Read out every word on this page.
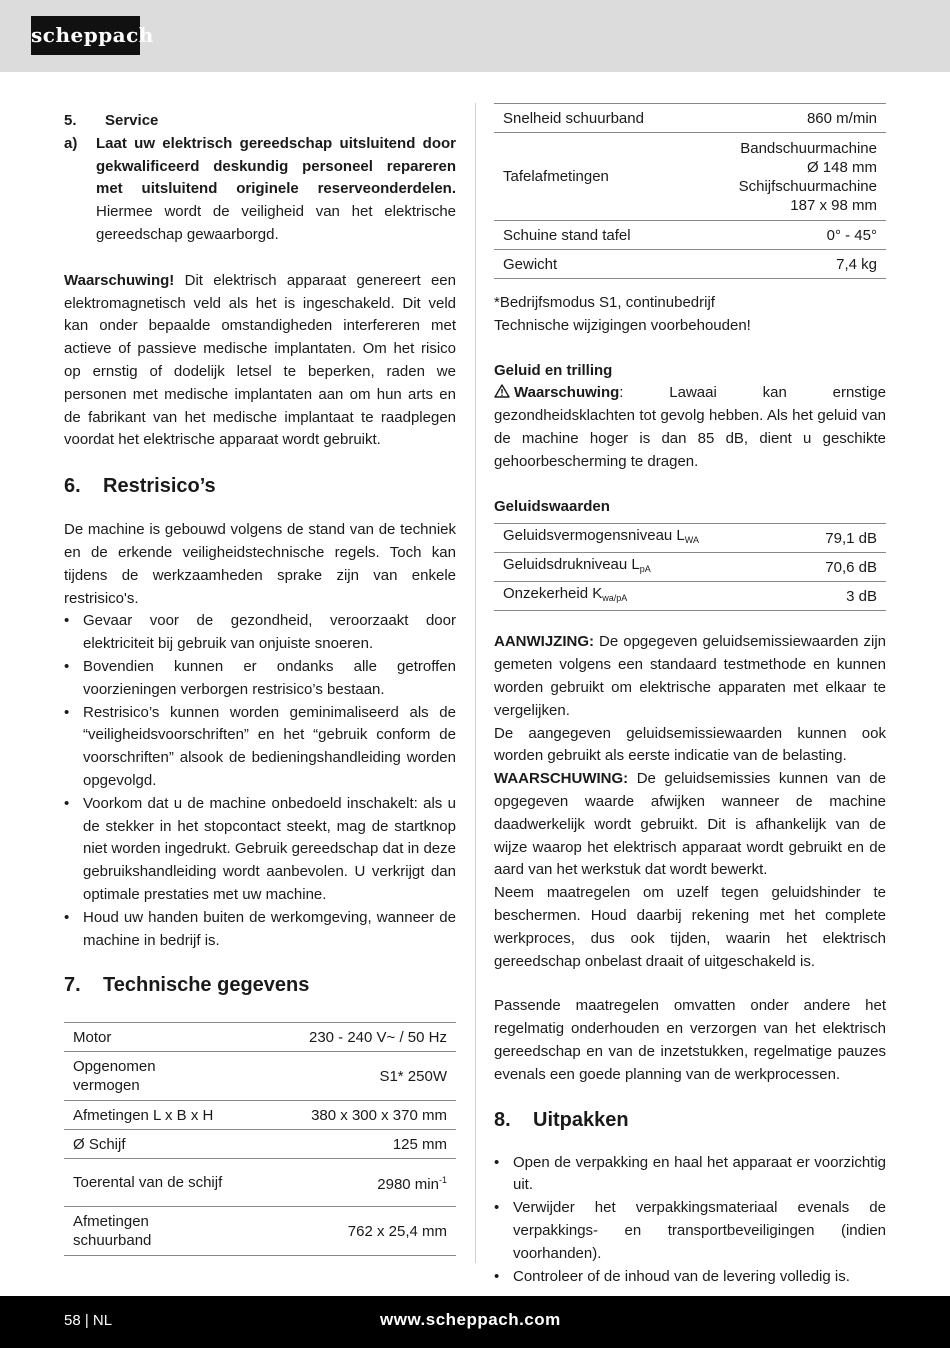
scheppach
5.	Service
a)	Laat uw elektrisch gereedschap uitsluitend door gekwalificeerd deskundig personeel repareren met uitsluitend originele reserveonderdelen. Hiermee wordt de veiligheid van het elektrische gereedschap gewaarborgd.

Waarschuwing! Dit elektrisch apparaat genereert een elektromagnetisch veld als het is ingeschakeld. Dit veld kan onder bepaalde omstandigheden interfereren met actieve of passieve medische implantaten. Om het risico op ernstig of dodelijk letsel te beperken, raden we personen met medische implantaten aan om hun arts en de fabrikant van het medische implantaat te raadplegen voordat het elektrische apparaat wordt gebruikt.

6.	Restrisico’s

De machine is gebouwd volgens de stand van de techniek en de erkende veiligheidstechnische regels. Toch kan tijdens de werkzaamheden sprake zijn van enkele restrisico's.

• Gevaar voor de gezondheid, veroorzaakt door elektriciteit bij gebruik van onjuiste snoeren.
• Bovendien kunnen er ondanks alle getroffen voorzieningen verborgen restrisico’s bestaan.
• Restrisico’s kunnen worden geminimaliseerd als de “veiligheidsvoorschriften” en het “gebruik conform de voorschriften” alsook de bedieningshandleiding worden opgevolgd.
• Voorkom dat u de machine onbedoeld inschakelt: als u de stekker in het stopcontact steekt, mag de startknop niet worden ingedrukt. Gebruik gereedschap dat in deze gebruikshandleiding wordt aanbevolen. U verkrijgt dan optimale prestaties met uw machine.
• Houd uw handen buiten de werkomgeving, wanneer de machine in bedrijf is.
7.	Technische gegevens
Motor	230 - 240 V~ / 50 Hz
Opgenomen
vermogen	S1* 250W
Afmetingen L x B x H	380 x 300 x 370 mm
Ø Schijf	125 mm
Toerental van de schijf	2980 $\min^{-1}$
Afmetingen
schuurband	762 x 25,4 mm
Snelheid schuurband	860 m/min
Tafelafmetingen	Bandschuurmachine
Ø 148 mm
Schijfschuurmachine
187 x 98 mm
Schuine stand tafel	0° - 45°
Gewicht	7,4 kg

*Bedrijfsmodus S1, continubedrijf

Technische wijzigingen voorbehouden!

Geluid en trilling

Waarschuwing: Lawaai kan ernstige gezondheidsklachten tot gevolg hebben. Als het geluid van de machine hoger is dan 85 dB, dient u geschikte gehoorbescherming te dragen.

Geluidswaarden

Geluidsvermogensniveau $L_{WA}$	79,1 dB
Geluidsdrukniveau $L_{pA}$	70,6 dB
Onzekerheid $K_{wa/pA}$	3 dB

AANWIJZING: De opgegeven geluidsemissiewaarden zijn gemeten volgens een standaard testmethode en kunnen worden gebruikt om elektrische apparaten met elkaar te vergelijken.

De aangegeven geluidsemissiewaarden kunnen ook worden gebruikt als eerste indicatie van de belasting.

WAARSCHUWING: De geluidsemissies kunnen van de opgegeven waarde afwijken wanneer de machine daadwerkelijk wordt gebruikt. Dit is afhankelijk van de wijze waarop het elektrisch apparaat wordt gebruikt en de aard van het werkstuk dat wordt bewerkt.

Neem maatregelen om uzelf tegen geluidshinder te beschermen. Houd daarbij rekening met het complete werkproces, dus ook tijden, waarin het elektrisch gereedschap onbelast draait of uitgeschakeld is.

Passende maatregelen omvatten onder andere het regelmatig onderhouden en verzorgen van het elektrisch gereedschap en van de inzetstukken, regelmatige pauzes evenals een goede planning van de werkprocessen.

8.	Uitpakken
• Open de verpakking en haal het apparaat er voorzichtig uit.
• Verwijder het verpakkingsmateriaal evenals de verpakkings- en transportbeveiligingen (indien voorhanden).
• Controleer of de inhoud van de levering volledig is.
58 | NL	www.scheppach.com
